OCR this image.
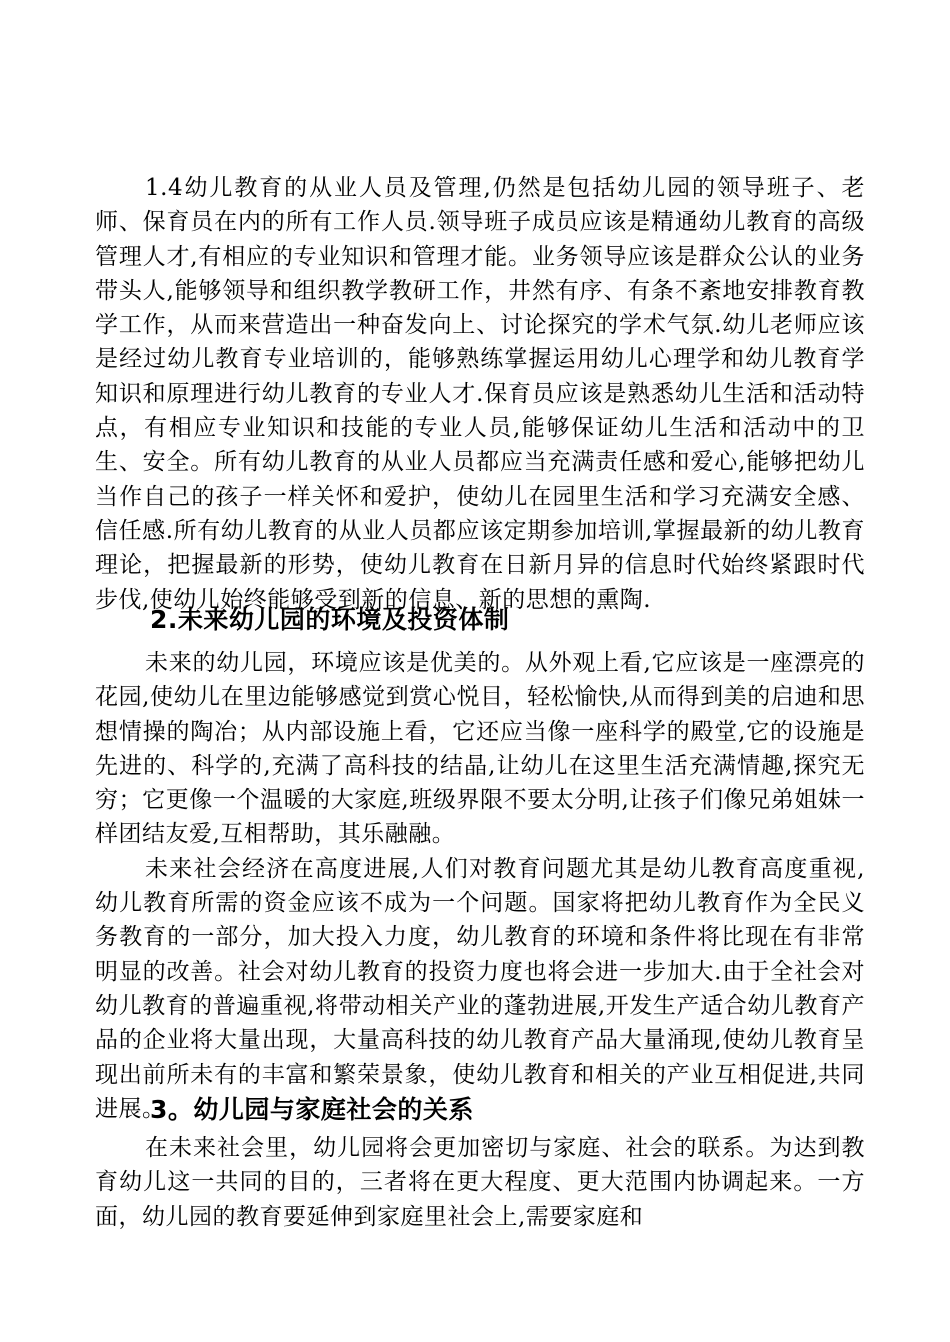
1.4幼儿教育的从业人员及管理,仍然是包括幼儿园的领导班子、老师、保育员在内的所有工作人员.领导班子成员应该是精通幼儿教育的高级管理人才,有相应的专业知识和管理才能。业务领导应该是群众公认的业务带头人,能够领导和组织教学教研工作，井然有序、有条不紊地安排教育教学工作，从而来营造出一种奋发向上、讨论探究的学术气氛.幼儿老师应该是经过幼儿教育专业培训的，能够熟练掌握运用幼儿心理学和幼儿教育学知识和原理进行幼儿教育的专业人才.保育员应该是熟悉幼儿生活和活动特点，有相应专业知识和技能的专业人员,能够保证幼儿生活和活动中的卫生、安全。所有幼儿教育的从业人员都应当充满责任感和爱心,能够把幼儿当作自己的孩子一样关怀和爱护，使幼儿在园里生活和学习充满安全感、信任感.所有幼儿教育的从业人员都应该定期参加培训,掌握最新的幼儿教育理论，把握最新的形势，使幼儿教育在日新月异的信息时代始终紧跟时代步伐,使幼儿始终能够受到新的信息、新的思想的熏陶.

2.未来幼儿园的环境及投资体制

未来的幼儿园，环境应该是优美的。从外观上看,它应该是一座漂亮的花园,使幼儿在里边能够感觉到赏心悦目，轻松愉快,从而得到美的启迪和思想情操的陶冶；从内部设施上看，它还应当像一座科学的殿堂,它的设施是先进的、科学的,充满了高科技的结晶,让幼儿在这里生活充满情趣,探究无穷；它更像一个温暖的大家庭,班级界限不要太分明,让孩子们像兄弟姐妹一样团结友爱,互相帮助，其乐融融。

未来社会经济在高度进展,人们对教育问题尤其是幼儿教育高度重视,幼儿教育所需的资金应该不成为一个问题。国家将把幼儿教育作为全民义务教育的一部分，加大投入力度，幼儿教育的环境和条件将比现在有非常明显的改善。社会对幼儿教育的投资力度也将会进一步加大.由于全社会对幼儿教育的普遍重视,将带动相关产业的蓬勃进展,开发生产适合幼儿教育产品的企业将大量出现，大量高科技的幼儿教育产品大量涌现,使幼儿教育呈现出前所未有的丰富和繁荣景象，使幼儿教育和相关的产业互相促进,共同进展。

3。幼儿园与家庭社会的关系

在未来社会里，幼儿园将会更加密切与家庭、社会的联系。为达到教育幼儿这一共同的目的，三者将在更大程度、更大范围内协调起来。一方面，幼儿园的教育要延伸到家庭里社会上,需要家庭和
